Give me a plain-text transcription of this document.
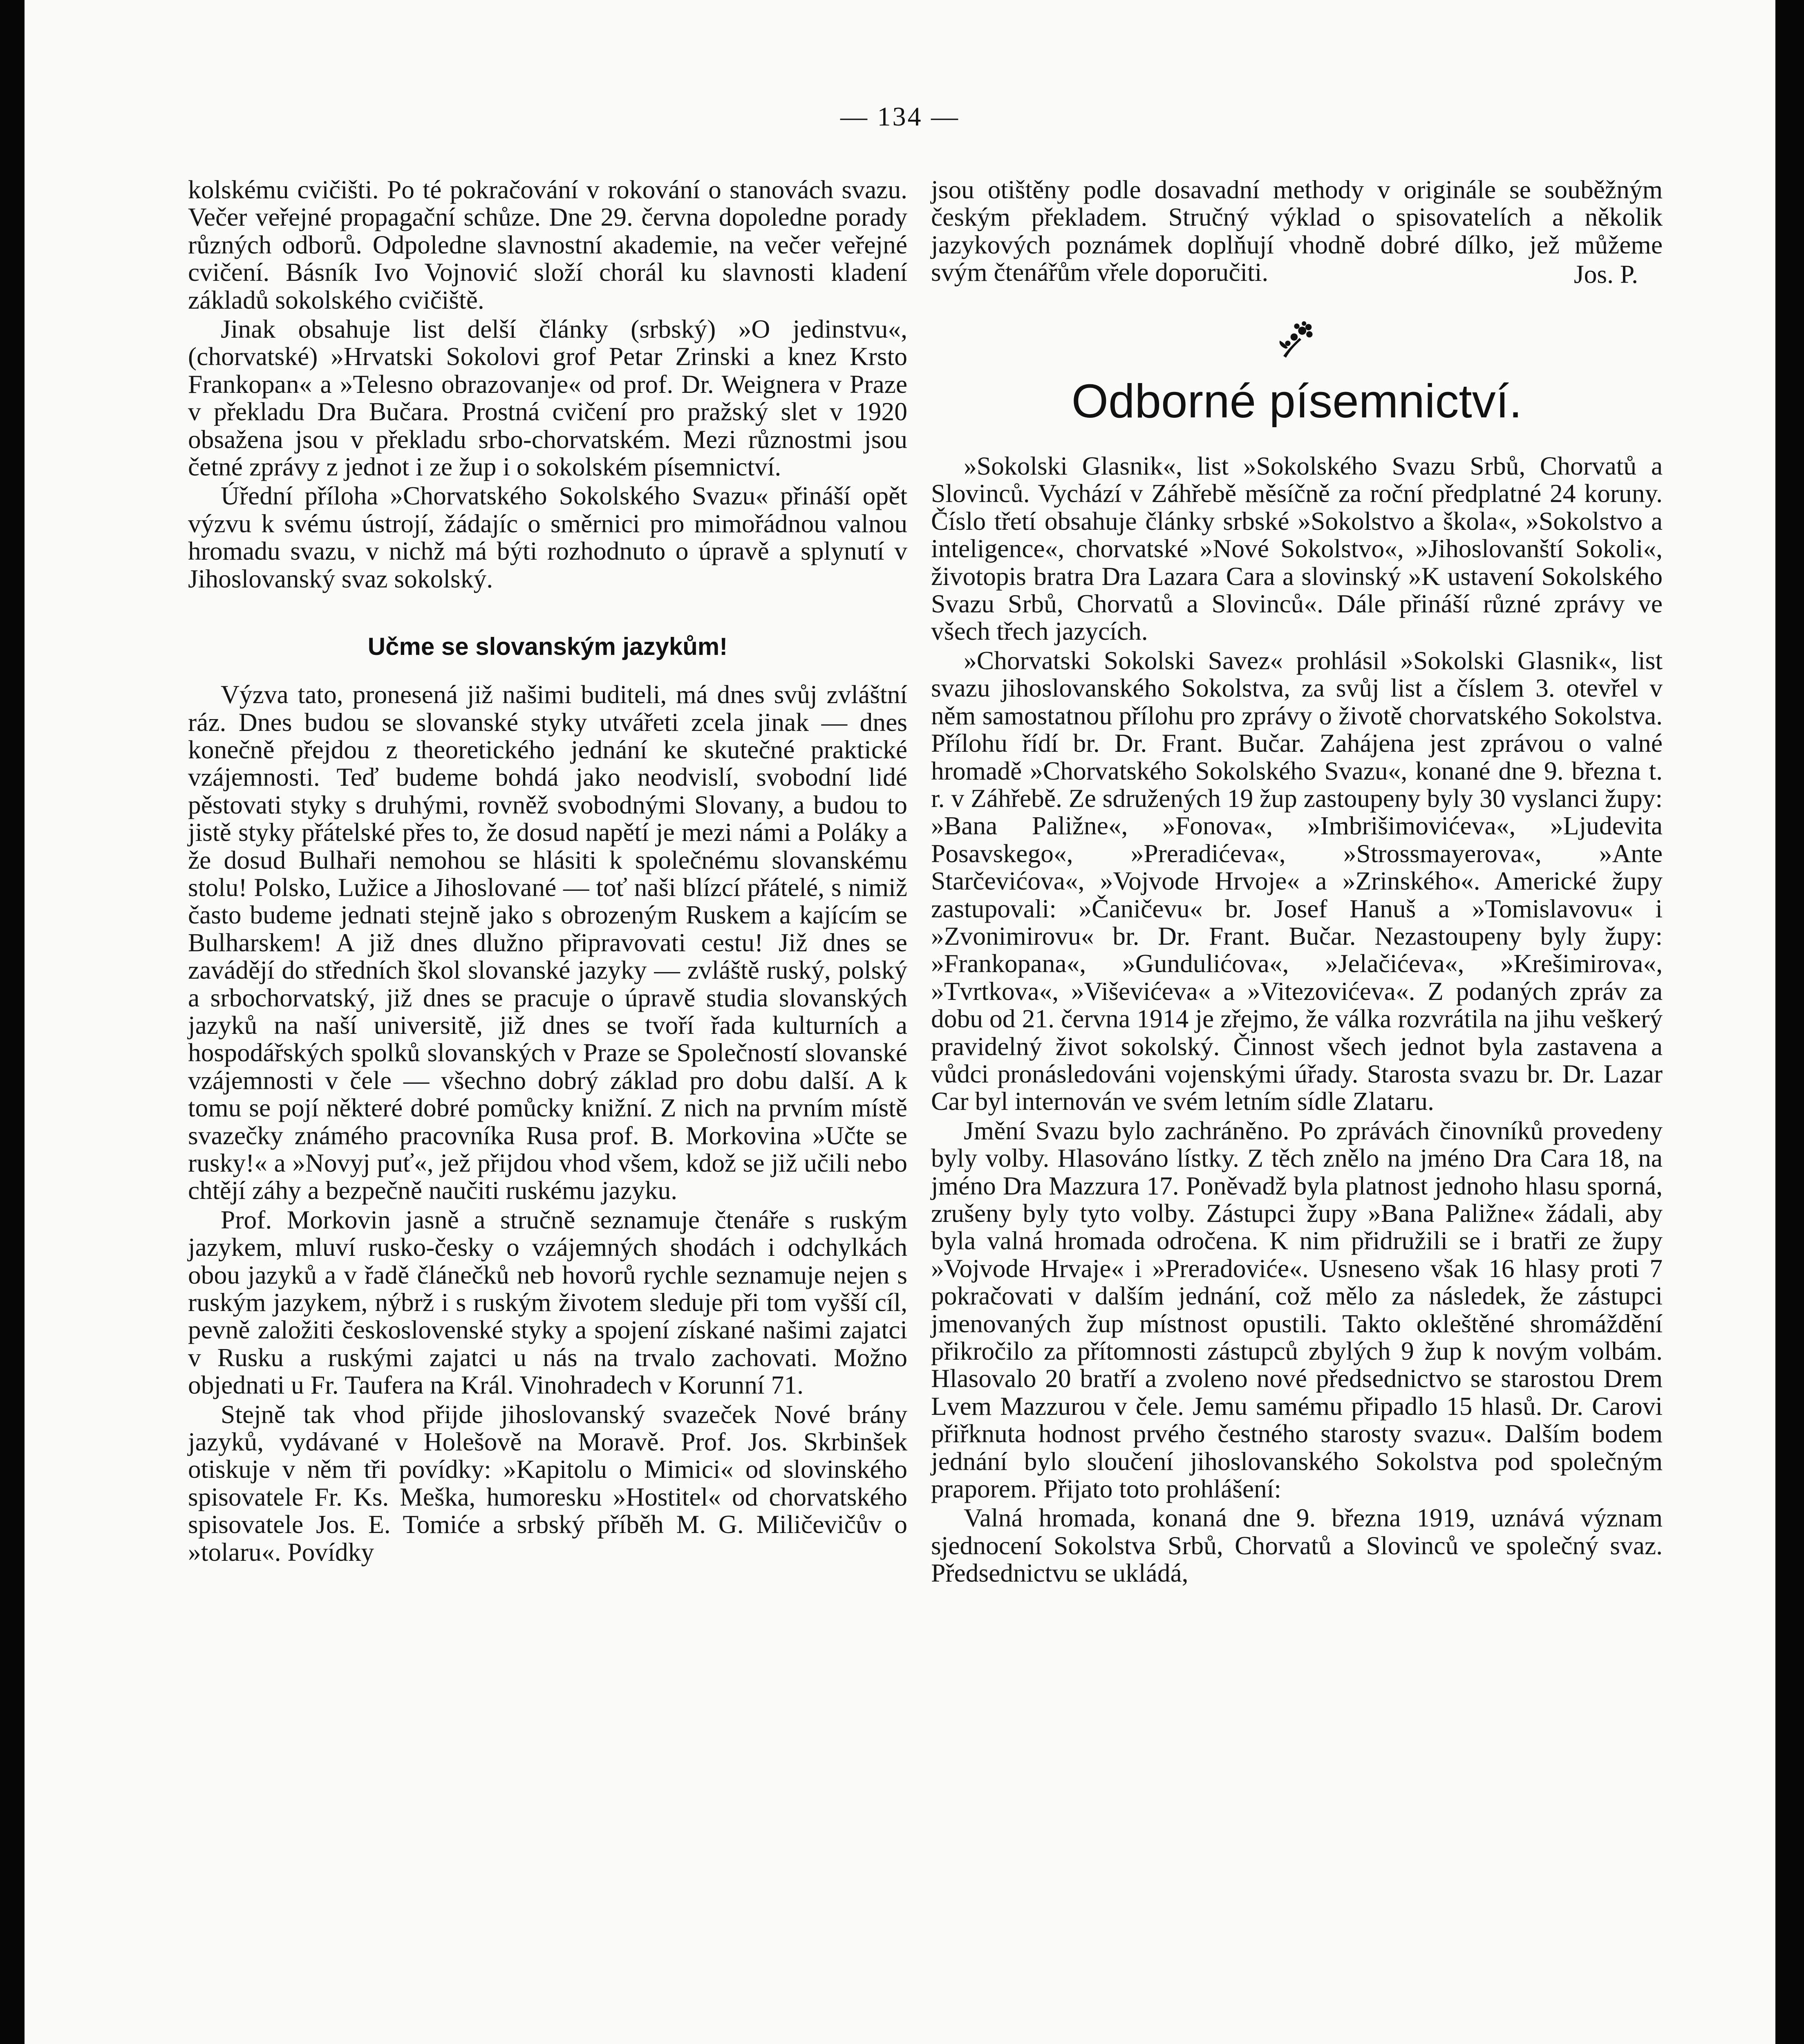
— 134 —

kolskému cvičišti. Po té pokračování v rokování o stanovách svazu. Večer veřejné propagační schůze. Dne 29. června dopoledne porady různých odborů. Odpoledne slavnostní akademie, na večer veřejné cvičení. Básník Ivo Vojnović složí chorál ku slavnosti kladení základů sokolského cvičiště.

Jinak obsahuje list delší články (srbský) »O jedinstvu«, (chorvatské) »Hrvatski Sokolovi grof Petar Zrinski a knez Krsto Frankopan« a »Telesno obrazovanje« od prof. Dr. Weignera v Praze v překladu Dra Bučara. Prostná cvičení pro pražský slet v 1920 obsažena jsou v překladu srbo-chorvatském. Mezi různostmi jsou četné zprávy z jednot i ze žup i o sokolském písemnictví.

Úřední příloha »Chorvatského Sokolského Svazu« přináší opět výzvu k svému ústrojí, žádajíc o směrnici pro mimořádnou valnou hromadu svazu, v nichž má býti rozhodnuto o úpravě a splynutí v Jihoslovanský svaz sokolský.

Učme se slovanským jazykům!

Výzva tato, pronesená již našimi buditeli, má dnes svůj zvláštní ráz. Dnes budou se slovanské styky utvářeti zcela jinak — dnes konečně přejdou z theoretického jednání ke skutečné praktické vzájemnosti. Teď budeme bohdá jako neodvislí, svobodní lidé pěstovati styky s druhými, rovněž svobodnými Slovany, a budou to jistě styky přátelské přes to, že dosud napětí je mezi námi a Poláky a že dosud Bulhaři nemohou se hlásiti k společnému slovanskému stolu! Polsko, Lužice a Jihoslované — toť naši blízcí přátelé, s nimiž často budeme jednati stejně jako s obrozeným Ruskem a kajícím se Bulharskem! A již dnes dlužno připravovati cestu! Již dnes se zavádějí do středních škol slovanské jazyky — zvláště ruský, polský a srbochorvatský, již dnes se pracuje o úpravě studia slovanských jazyků na naší universitě, již dnes se tvoří řada kulturních a hospodářských spolků slovanských v Praze se Společností slovanské vzájemnosti v čele — všechno dobrý základ pro dobu další. A k tomu se pojí některé dobré pomůcky knižní. Z nich na prvním místě svazečky známého pracovníka Rusa prof. B. Morkovina »Učte se rusky!« a »Novyj puť«, jež přijdou vhod všem, kdož se již učili nebo chtějí záhy a bezpečně naučiti ruskému jazyku.

Prof. Morkovin jasně a stručně seznamuje čtenáře s ruským jazykem, mluví rusko-česky o vzájemných shodách i odchylkách obou jazyků a v řadě článečků neb hovorů rychle seznamuje nejen s ruským jazykem, nýbrž i s ruským životem sleduje při tom vyšší cíl, pevně založiti československé styky a spojení získané našimi zajatci v Rusku a ruskými zajatci u nás na trvalo zachovati. Možno objednati u Fr. Taufera na Král. Vinohradech v Korunní 71.

Stejně tak vhod přijde jihoslovanský svazeček Nové brány jazyků, vydávané v Holešově na Moravě. Prof. Jos. Skrbinšek otiskuje v něm tři povídky: »Kapitolu o Mimici« od slovinského spisovatele Fr. Ks. Meška, humoresku »Hostitel« od chorvatského spisovatele Jos. E. Tomiće a srbský příběh M. G. Miličevičův o »tolaru«. Povídky

jsou otištěny podle dosavadní methody v originále se souběžným českým překladem. Stručný výklad o spisovatelích a několik jazykových poznámek doplňují vhodně dobré dílko, jež můžeme svým čtenářům vřele doporučiti.	Jos. P.

Odborné písemnictví.

»Sokolski Glasnik«, list »Sokolského Svazu Srbů, Chorvatů a Slovinců. Vychází v Záhřebě měsíčně za roční předplatné 24 koruny. Číslo třetí obsahuje články srbské »Sokolstvo a škola«, »Sokolstvo a inteligence«, chorvatské »Nové Sokolstvo«, »Jihoslovanští Sokoli«, životopis bratra Dra Lazara Cara a slovinský »K ustavení Sokolského Svazu Srbů, Chorvatů a Slovinců«. Dále přináší různé zprávy ve všech třech jazycích.

»Chorvatski Sokolski Savez« prohlásil »Sokolski Glasnik«, list svazu jihoslovanského Sokolstva, za svůj list a číslem 3. otevřel v něm samostatnou přílohu pro zprávy o životě chorvatského Sokolstva. Přílohu řídí br. Dr. Frant. Bučar. Zahájena jest zprávou o valné hromadě »Chorvatského Sokolského Svazu«, konané dne 9. března t. r. v Záhřebě. Ze sdružených 19 žup zastoupeny byly 30 vyslanci župy: »Bana Paližne«, »Fonova«, »Imbrišimovićeva«, »Ljudevita Posavskego«, »Preradićeva«, »Strossmayerova«, »Ante Starčevićova«, »Vojvode Hrvoje« a »Zrinského«. Americké župy zastupovali: »Čaničevu« br. Josef Hanuš a »Tomislavovu« i »Zvonimirovu« br. Dr. Frant. Bučar. Nezastoupeny byly župy: »Frankopana«, »Gundulićova«, »Jelačićeva«, »Krešimirova«, »Tvrtkova«, »Viševićeva« a »Vitezovićeva«. Z podaných zpráv za dobu od 21. června 1914 je zřejmo, že válka rozvrátila na jihu veškerý pravidelný život sokolský. Činnost všech jednot byla zastavena a vůdci pronásledováni vojenskými úřady. Starosta svazu br. Dr. Lazar Car byl internován ve svém letním sídle Zlataru.

Jmění Svazu bylo zachráněno. Po zprávách činovníků provedeny byly volby. Hlasováno lístky. Z těch znělo na jméno Dra Cara 18, na jméno Dra Mazzura 17. Poněvadž byla platnost jednoho hlasu sporná, zrušeny byly tyto volby. Zástupci župy »Bana Paližne« žádali, aby byla valná hromada odročena. K nim přidružili se i bratři ze župy »Vojvode Hrvaje« i »Preradoviće«. Usneseno však 16 hlasy proti 7 pokračovati v dalším jednání, což mělo za následek, že zástupci jmenovaných žup místnost opustili. Takto okleštěné shromáždění přikročilo za přítomnosti zástupců zbylých 9 žup k novým volbám. Hlasovalo 20 bratří a zvoleno nové předsednictvo se starostou Drem Lvem Mazzurou v čele. Jemu samému připadlo 15 hlasů. Dr. Carovi přiřknuta hodnost prvého čestného starosty svazu«. Dalším bodem jednání bylo sloučení jihoslovanského Sokolstva pod společným praporem. Přijato toto prohlášení:

Valná hromada, konaná dne 9. března 1919, uznává význam sjednocení Sokolstva Srbů, Chorvatů a Slovinců ve společný svaz. Předsednictvu se ukládá,
